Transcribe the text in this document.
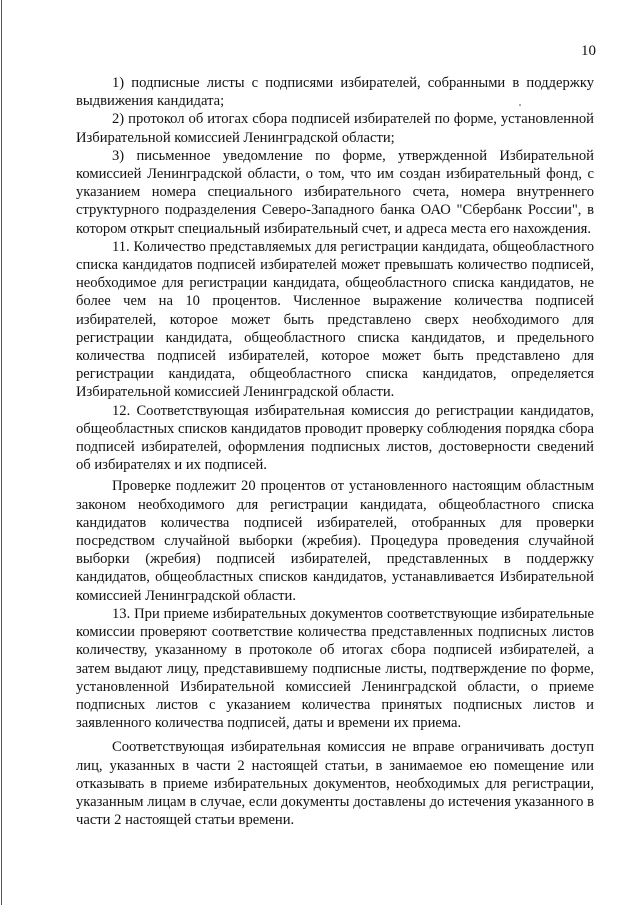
10

1) подписные листы с подписями избирателей, собранными в поддержку выдвижения кандидата;

2) протокол об итогах сбора подписей избирателей по форме, установленной Избирательной комиссией Ленинградской области;

3) письменное уведомление по форме, утвержденной Избирательной комиссией Ленинградской области, о том, что им создан избирательный фонд, с указанием номера специального избирательного счета, номера внутреннего структурного подразделения Северо-Западного банка ОАО "Сбербанк России", в котором открыт специальный избирательный счет, и адреса места его нахождения.

11. Количество представляемых для регистрации кандидата, общеобластного списка кандидатов подписей избирателей может превышать количество подписей, необходимое для регистрации кандидата, общеобластного списка кандидатов, не более чем на 10 процентов. Численное выражение количества подписей избирателей, которое может быть представлено сверх необходимого для регистрации кандидата, общеобластного списка кандидатов, и предельного количества подписей избирателей, которое может быть представлено для регистрации кандидата, общеобластного списка кандидатов, определяется Избирательной комиссией Ленинградской области.

12. Соответствующая избирательная комиссия до регистрации кандидатов, общеобластных списков кандидатов проводит проверку соблюдения порядка сбора подписей избирателей, оформления подписных листов, достоверности сведений об избирателях и их подписей.

Проверке подлежит 20 процентов от установленного настоящим областным законом необходимого для регистрации кандидата, общеобластного списка кандидатов количества подписей избирателей, отобранных для проверки посредством случайной выборки (жребия). Процедура проведения случайной выборки (жребия) подписей избирателей, представленных в поддержку кандидатов, общеобластных списков кандидатов, устанавливается Избирательной комиссией Ленинградской области.

13. При приеме избирательных документов соответствующие избирательные комиссии проверяют соответствие количества представленных подписных листов количеству, указанному в протоколе об итогах сбора подписей избирателей, а затем выдают лицу, представившему подписные листы, подтверждение по форме, установленной Избирательной комиссией Ленинградской области, о приеме подписных листов с указанием количества принятых подписных листов и заявленного количества подписей, даты и времени их приема.

Соответствующая избирательная комиссия не вправе ограничивать доступ лиц, указанных в части 2 настоящей статьи, в занимаемое ею помещение или отказывать в приеме избирательных документов, необходимых для регистрации, указанным лицам в случае, если документы доставлены до истечения указанного в части 2 настоящей статьи времени.
